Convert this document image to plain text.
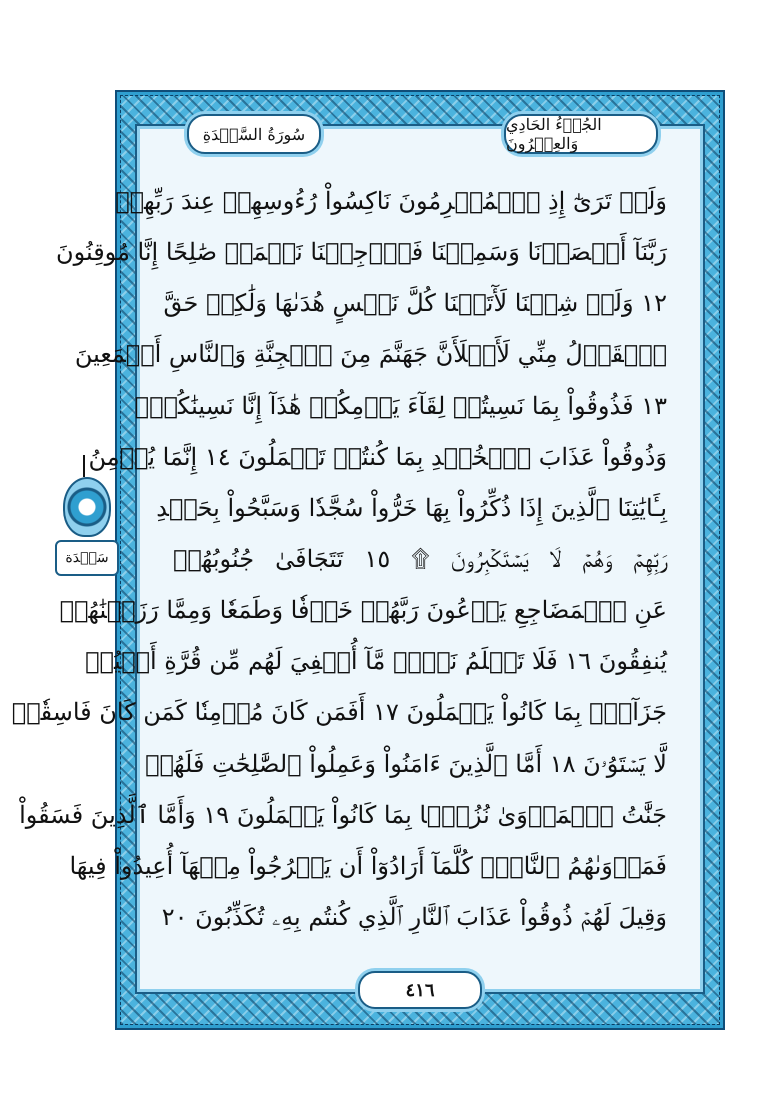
سُورَةُ السَّجۡدَةِ	الجُزۡءُ الحَادِي وَالعِشۡرُونَ
وَلَوۡ تَرَىٰٓ إِذِ ٱلۡمُجۡرِمُونَ نَاكِسُواْ رُءُوسِهِمۡ عِندَ رَبِّهِمۡ
رَبَّنَآ أَبۡصَرۡنَا وَسَمِعۡنَا فَٱرۡجِعۡنَا نَعۡمَلۡ صَٰلِحًا إِنَّا مُوقِنُونَ
١٢ وَلَوۡ شِئۡنَا لَأٓتَيۡنَا كُلَّ نَفۡسٍ هُدَىٰهَا وَلَٰكِنۡ حَقَّ
ٱلۡقَوۡلُ مِنِّي لَأَمۡلَأَنَّ جَهَنَّمَ مِنَ ٱلۡجِنَّةِ وَٱلنَّاسِ أَجۡمَعِينَ
١٣ فَذُوقُواْ بِمَا نَسِيتُمۡ لِقَآءَ يَوۡمِكُمۡ هَٰذَآ إِنَّا نَسِينَٰكُمۡۖ
وَذُوقُواْ عَذَابَ ٱلۡخُلۡدِ بِمَا كُنتُمۡ تَعۡمَلُونَ ١٤ إِنَّمَا يُؤۡمِنُ
بِـَٔايَٰتِنَا ٱلَّذِينَ إِذَا ذُكِّرُواْ بِهَا خَرُّواْ سُجَّدٗا وَسَبَّحُواْ بِحَمۡدِ
رَبِّهِمۡ وَهُمۡ لَا يَسۡتَكۡبِرُونَ ۩ ١٥ تَتَجَافَىٰ جُنُوبُهُمۡ
عَنِ ٱلۡمَضَاجِعِ يَدۡعُونَ رَبَّهُمۡ خَوۡفٗا وَطَمَعٗا وَمِمَّا رَزَقۡنَٰهُمۡ
يُنفِقُونَ ١٦ فَلَا تَعۡلَمُ نَفۡسٞ مَّآ أُخۡفِيَ لَهُم مِّن قُرَّةِ أَعۡيُنٖ
جَزَآءَۢ بِمَا كَانُواْ يَعۡمَلُونَ ١٧ أَفَمَن كَانَ مُؤۡمِنٗا كَمَن كَانَ فَاسِقٗاۚ
لَّا يَسۡتَوُۥنَ ١٨ أَمَّا ٱلَّذِينَ ءَامَنُواْ وَعَمِلُواْ ٱلصَّٰلِحَٰتِ فَلَهُمۡ
جَنَّٰتُ ٱلۡمَأۡوَىٰ نُزُلَۢا بِمَا كَانُواْ يَعۡمَلُونَ ١٩ وَأَمَّا ٱلَّذِينَ فَسَقُواْ
فَمَأۡوَىٰهُمُ ٱلنَّارُۖ كُلَّمَآ أَرَادُوٓاْ أَن يَخۡرُجُواْ مِنۡهَآ أُعِيدُواْ فِيهَا
وَقِيلَ لَهُمۡ ذُوقُواْ عَذَابَ ٱلنَّارِ ٱلَّذِي كُنتُم بِهِۦ تُكَذِّبُونَ ٢٠
٤١٦
سَجۡدَة
